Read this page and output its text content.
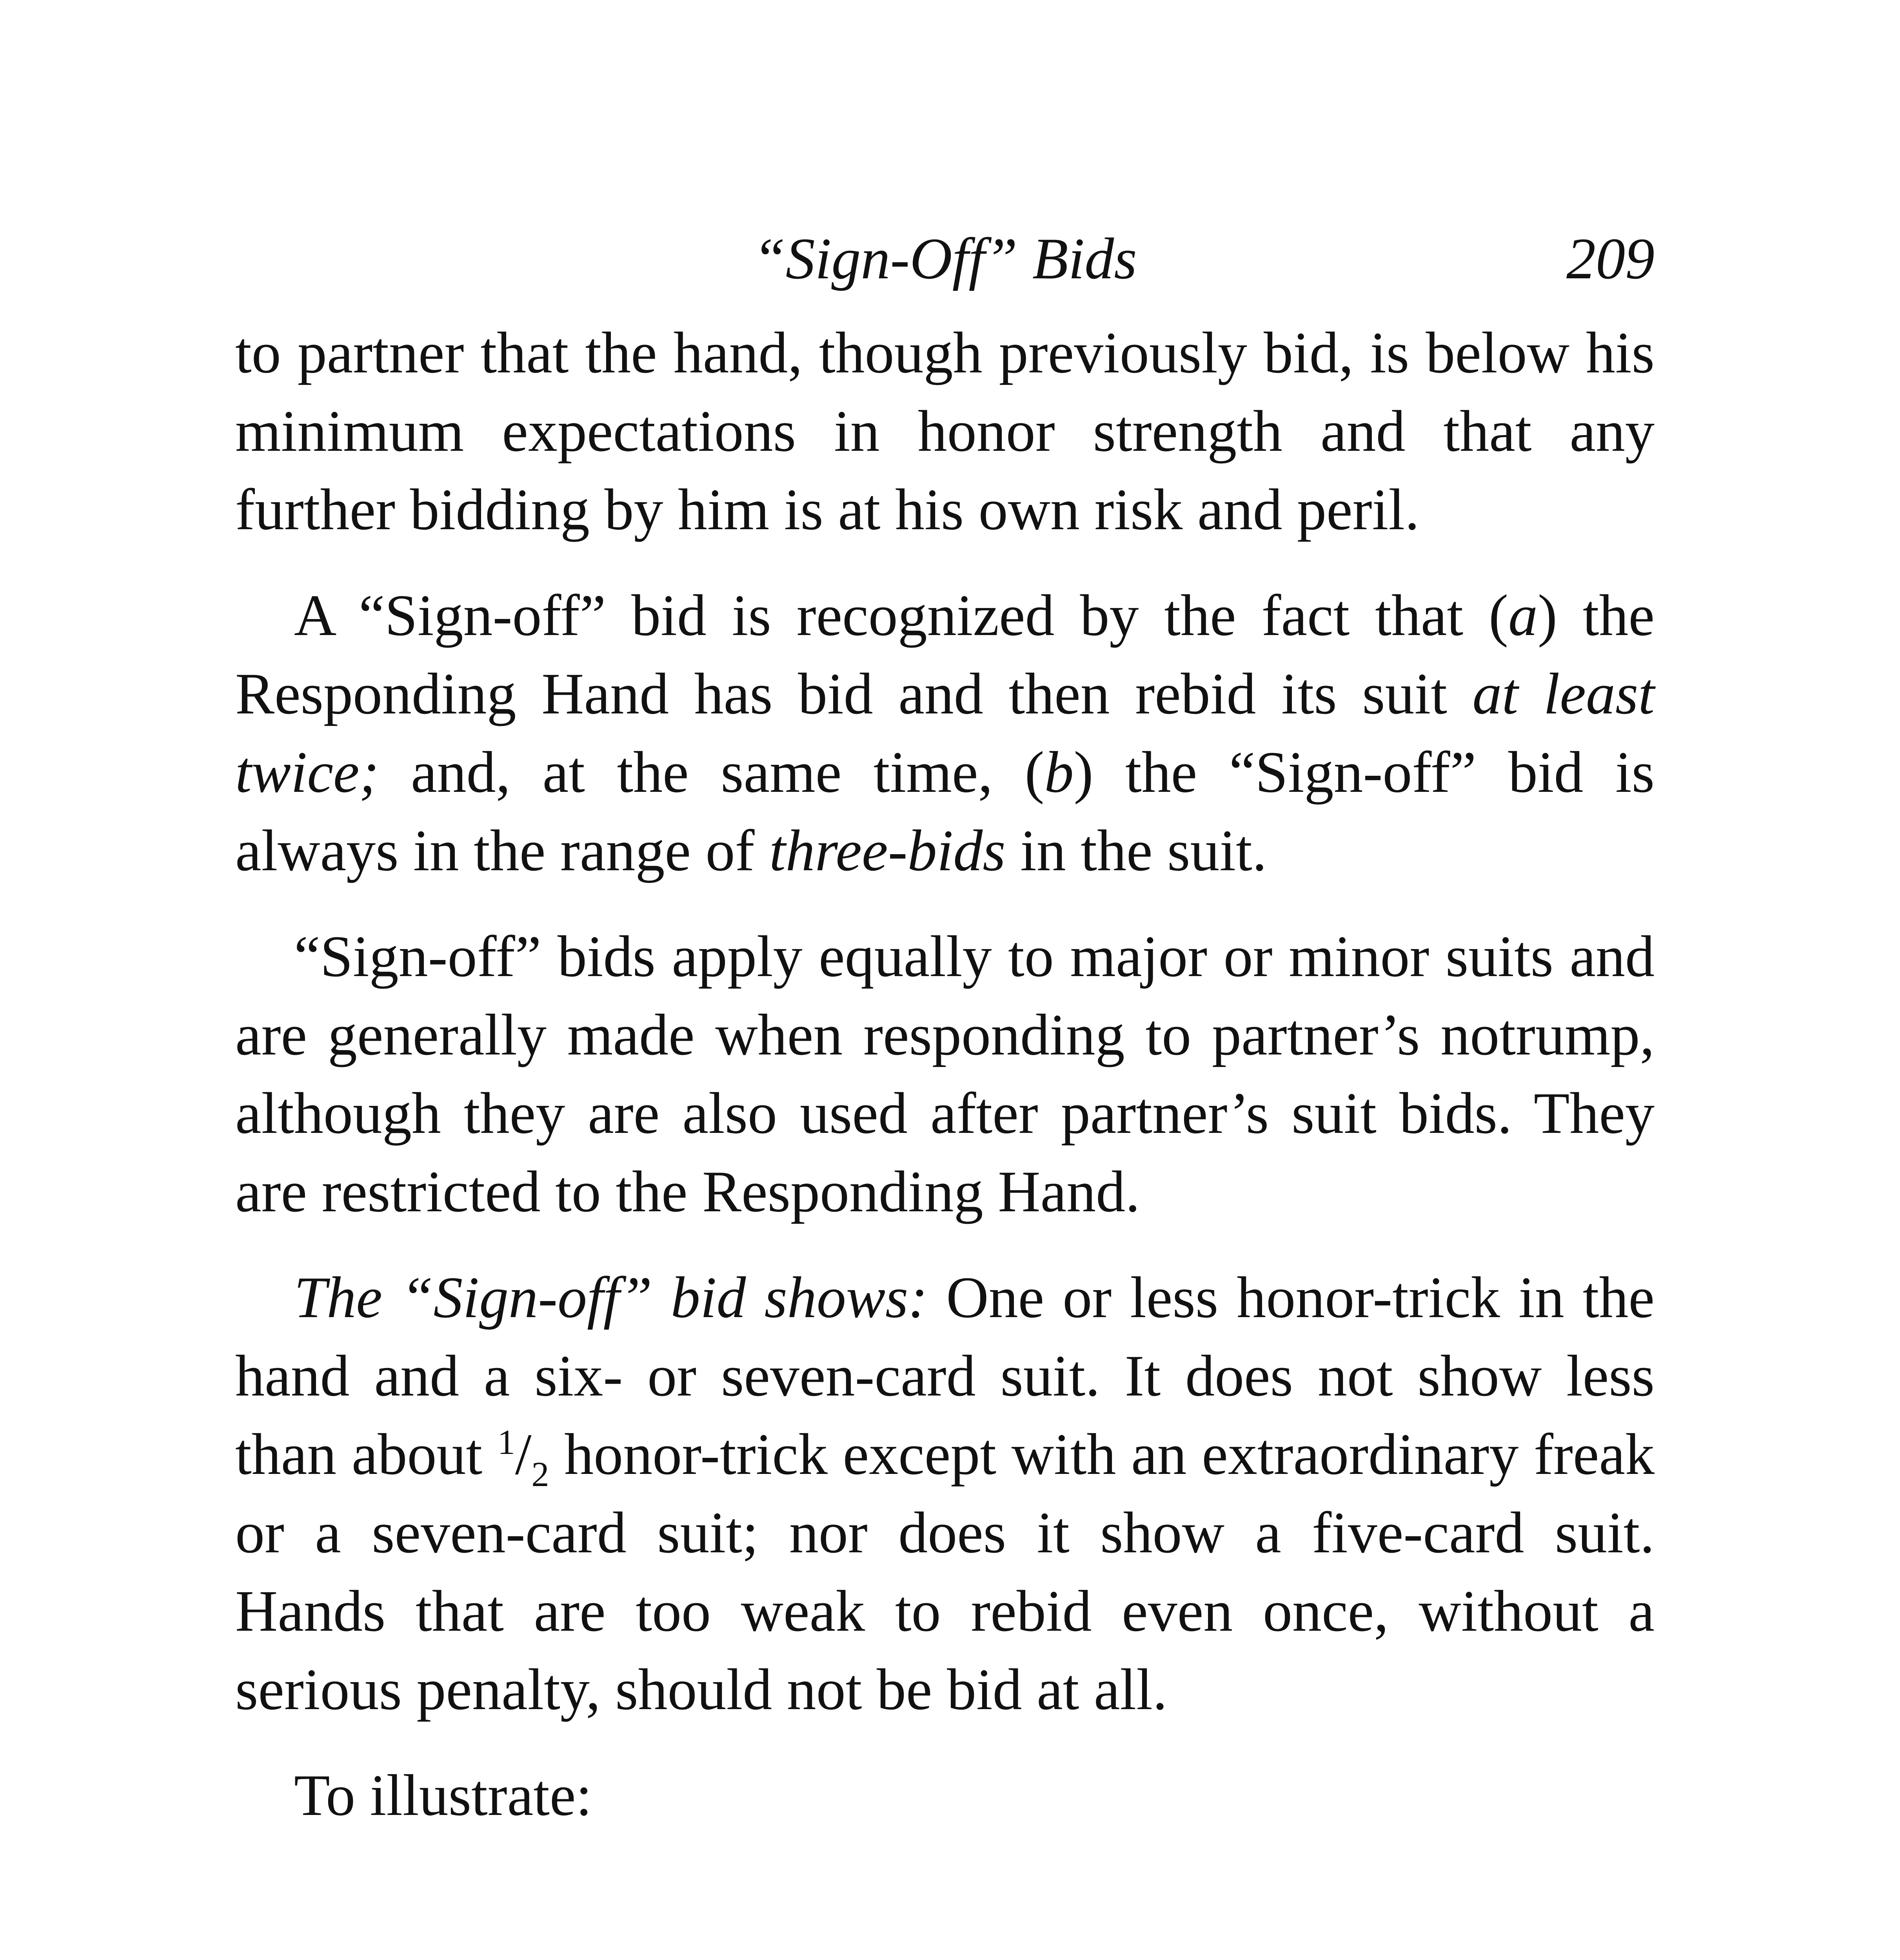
“Sign-Off” Bids	209

to partner that the hand, though previously bid, is below his minimum expectations in honor strength and that any further bidding by him is at his own risk and peril.

A “Sign-off” bid is recognized by the fact that (a) the Responding Hand has bid and then rebid its suit at least twice; and, at the same time, (b) the “Sign-off” bid is always in the range of three-bids in the suit.

“Sign-off” bids apply equally to major or minor suits and are generally made when responding to partner’s notrump, although they are also used after partner’s suit bids. They are restricted to the Responding Hand.

The “Sign-off” bid shows: One or less honor-trick in the hand and a six- or seven-card suit. It does not show less than about $^1/_2$ honor-trick except with an extraordinary freak or a seven-card suit; nor does it show a five-card suit. Hands that are too weak to rebid even once, without a serious penalty, should not be bid at all.

To illustrate:
